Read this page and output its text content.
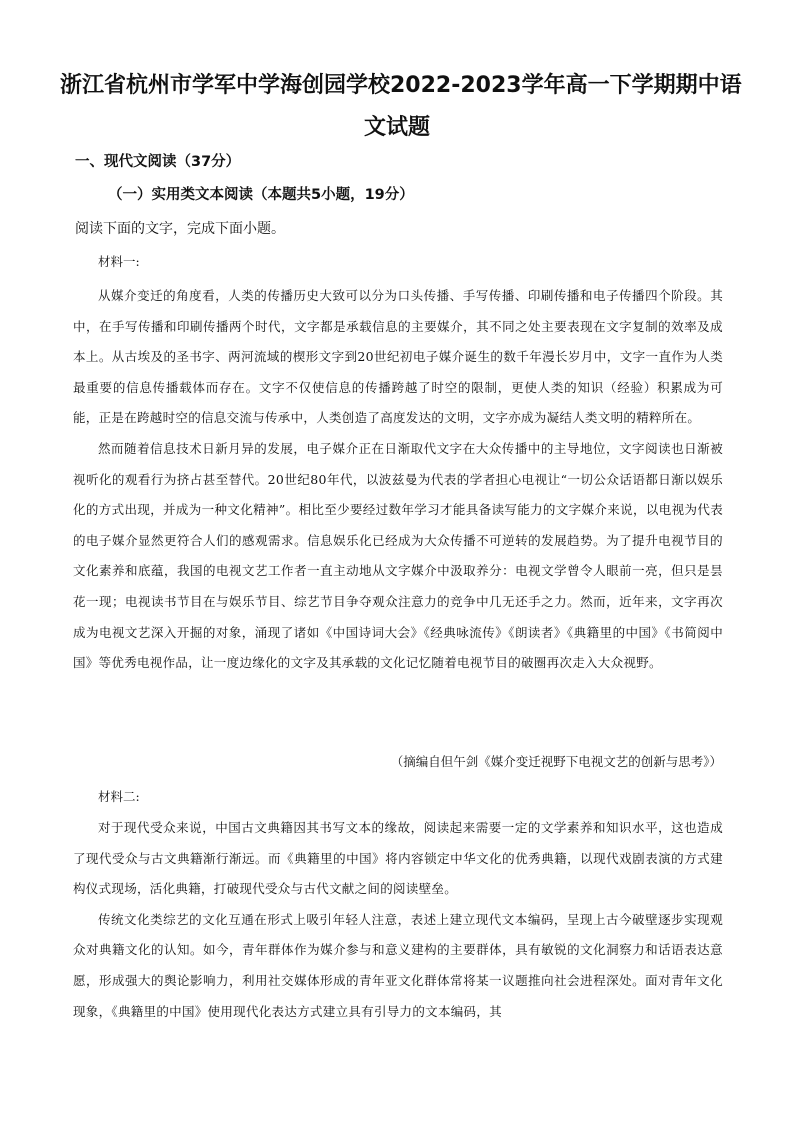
浙江省杭州市学军中学海创园学校2022-2023学年高一下学期期中语
文试题
一、现代文阅读（37分）
（一）实用类文本阅读（本题共5小题，19分）
阅读下面的文字，完成下面小题。
材料一:

从媒介变迁的角度看，人类的传播历史大致可以分为口头传播、手写传播、印刷传播和电子传播四个阶段。其中，在手写传播和印刷传播两个时代，文字都是承载信息的主要媒介，其不同之处主要表现在文字复制的效率及成本上。从古埃及的圣书字、两河流域的楔形文字到20世纪初电子媒介诞生的数千年漫长岁月中，文字一直作为人类最重要的信息传播载体而存在。文字不仅使信息的传播跨越了时空的限制，更使人类的知识（经验）积累成为可能，正是在跨越时空的信息交流与传承中，人类创造了高度发达的文明，文字亦成为凝结人类文明的精粹所在。

然而随着信息技术日新月异的发展，电子媒介正在日渐取代文字在大众传播中的主导地位，文字阅读也日渐被视听化的观看行为挤占甚至替代。20世纪80年代，以波兹曼为代表的学者担心电视让“一切公众话语都日渐以娱乐化的方式出现，并成为一种文化精神”。相比至少要经过数年学习才能具备读写能力的文字媒介来说，以电视为代表的电子媒介显然更符合人们的感观需求。信息娱乐化已经成为大众传播不可逆转的发展趋势。为了提升电视节目的文化素养和底蕴，我国的电视文艺工作者一直主动地从文字媒介中汲取养分：电视文学曾令人眼前一亮，但只是昙花一现；电视读书节目在与娱乐节目、综艺节目争夺观众注意力的竞争中几无还手之力。然而，近年来，文字再次成为电视文艺深入开掘的对象，涌现了诸如《中国诗词大会》《经典咏流传》《朗读者》《典籍里的中国》《书简阅中国》等优秀电视作品，让一度边缘化的文字及其承载的文化记忆随着电视节目的破圈再次走入大众视野。

（摘编自但午剑《媒介变迁视野下电视文艺的创新与思考》）
材料二:

对于现代受众来说，中国古文典籍因其书写文本的缘故，阅读起来需要一定的文学素养和知识水平，这也造成了现代受众与古文典籍渐行渐远。而《典籍里的中国》将内容锁定中华文化的优秀典籍，以现代戏剧表演的方式建构仪式现场，活化典籍，打破现代受众与古代文献之间的阅读壁垒。

传统文化类综艺的文化互通在形式上吸引年轻人注意，表述上建立现代文本编码，呈现上古今破壁逐步实现观众对典籍文化的认知。如今，青年群体作为媒介参与和意义建构的主要群体，具有敏锐的文化洞察力和话语表达意愿，形成强大的舆论影响力，利用社交媒体形成的青年亚文化群体常将某一议题推向社会进程深处。面对青年文化现象，《典籍里的中国》使用现代化表达方式建立具有引导力的文本编码，其
